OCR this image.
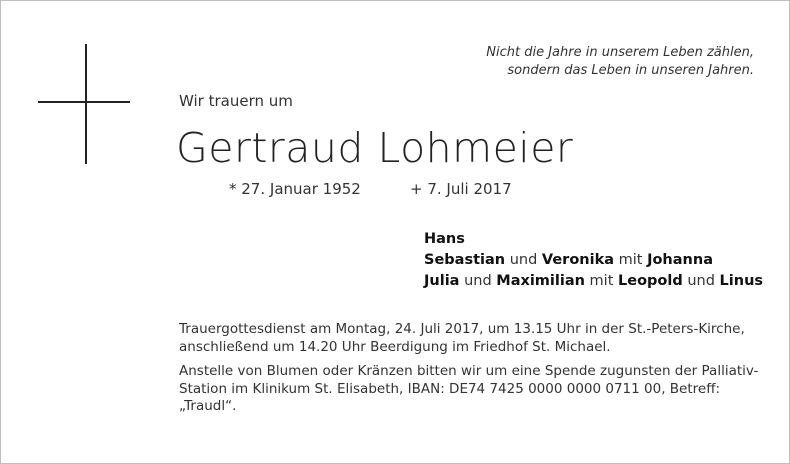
Nicht die Jahre in unserem Leben zählen,
sondern das Leben in unseren Jahren.
Wir trauern um
Gertraud Lohmeier
* 27. Januar 1952	+ 7. Juli 2017
Hans
Sebastian und Veronika mit Johanna
Julia und Maximilian mit Leopold und Linus

Trauergottesdienst am Montag, 24. Juli 2017, um 13.15 Uhr in der St.-Peters-Kirche,

anschließend um 14.20 Uhr Beerdigung im Friedhof St. Michael.

Anstelle von Blumen oder Kränzen bitten wir um eine Spende zugunsten der Palliativ-

Station im Klinikum St. Elisabeth, IBAN: DE74 7425 0000 0000 0711 00, Betreff:

„Traudl“.
